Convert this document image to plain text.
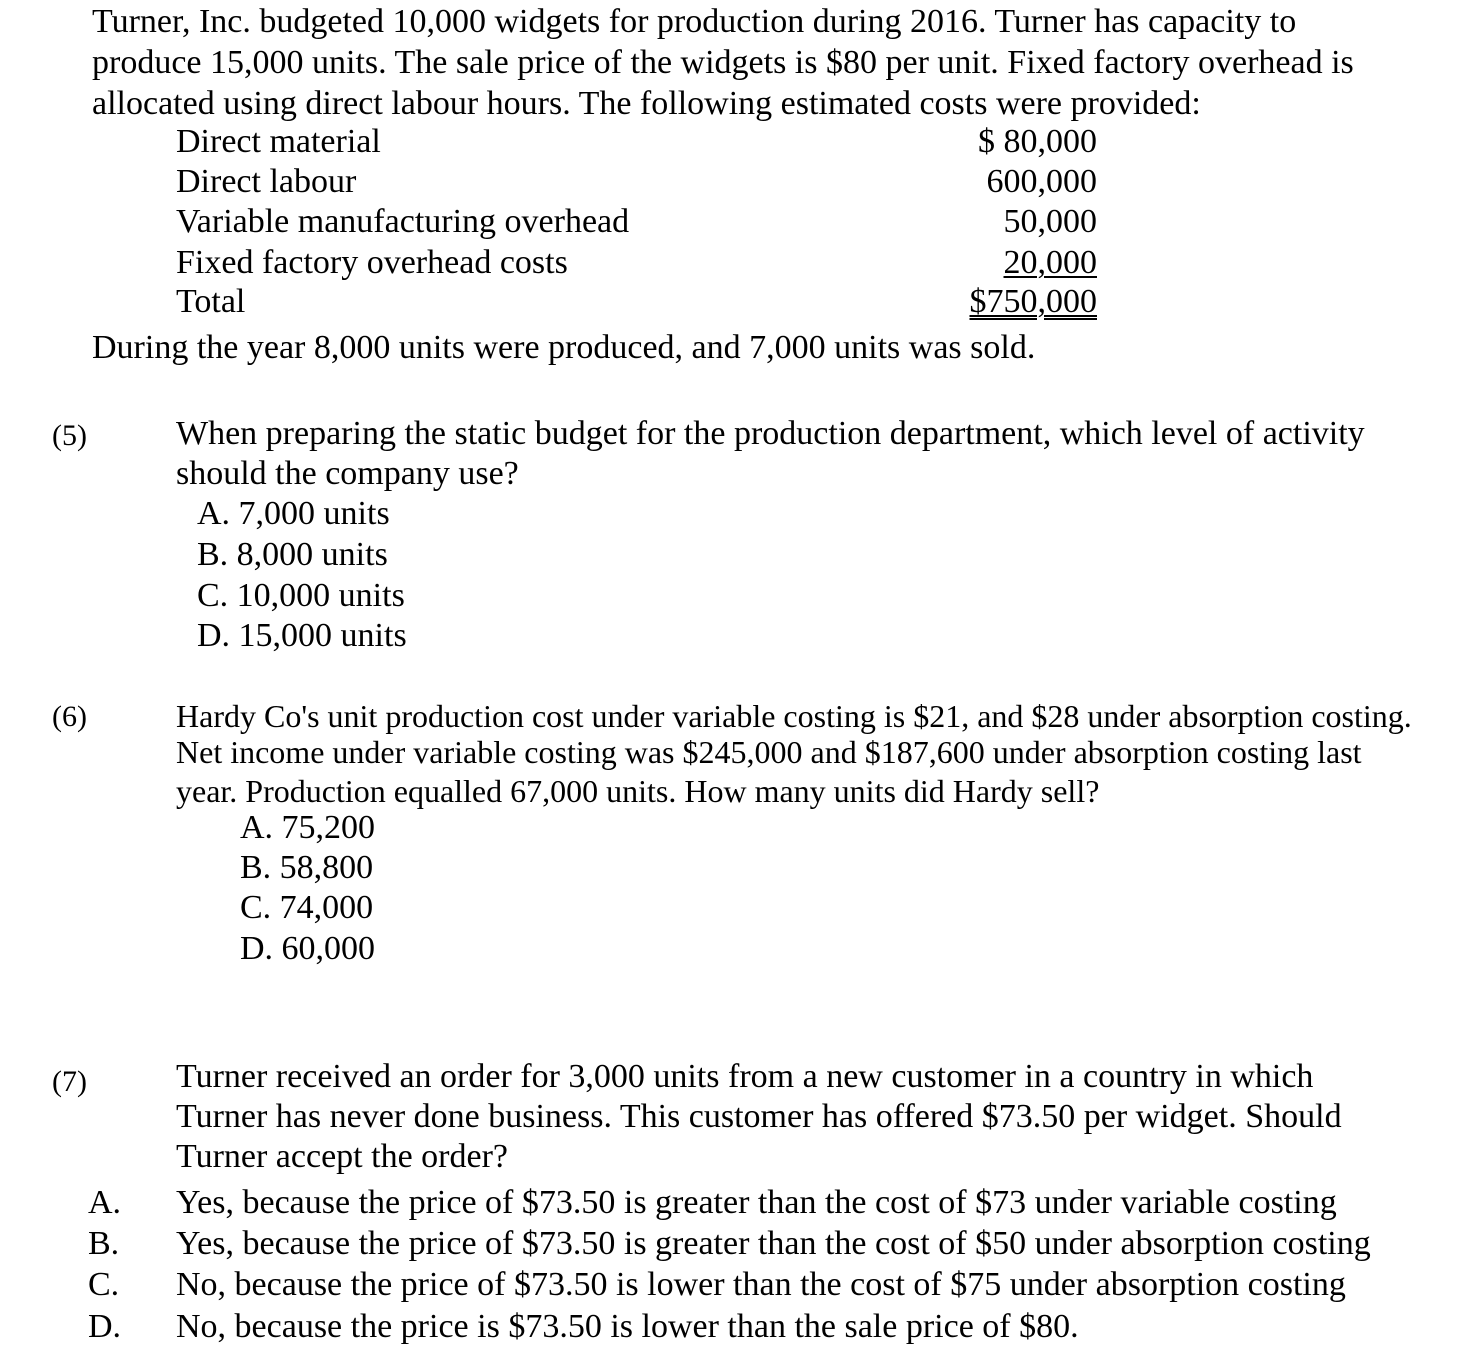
Turner, Inc. budgeted 10,000 widgets for production during 2016. Turner has capacity to
produce 15,000 units. The sale price of the widgets is $80 per unit. Fixed factory overhead is
allocated using direct labour hours. The following estimated costs were provided:
Direct material	$ 80,000
Direct labour	600,000
Variable manufacturing overhead	50,000
Fixed factory overhead costs	20,000
Total	$750,000
During the year 8,000 units were produced, and 7,000 units was sold.
(5)	When preparing the static budget for the production department, which level of activity
should the company use?
A. 7,000 units
B. 8,000 units
C. 10,000 units
D. 15,000 units
(6)	Hardy Co's unit production cost under variable costing is $21, and $28 under absorption costing.
Net income under variable costing was $245,000 and $187,600 under absorption costing last
year. Production equalled 67,000 units. How many units did Hardy sell?
A. 75,200
B. 58,800
C. 74,000
D. 60,000
(7)	Turner received an order for 3,000 units from a new customer in a country in which
Turner has never done business. This customer has offered $73.50 per widget. Should
Turner accept the order?
A. Yes, because the price of $73.50 is greater than the cost of $73 under variable costing
B. Yes, because the price of $73.50 is greater than the cost of $50 under absorption costing
C. No, because the price of $73.50 is lower than the cost of $75 under absorption costing
D. No, because the price is $73.50 is lower than the sale price of $80.
